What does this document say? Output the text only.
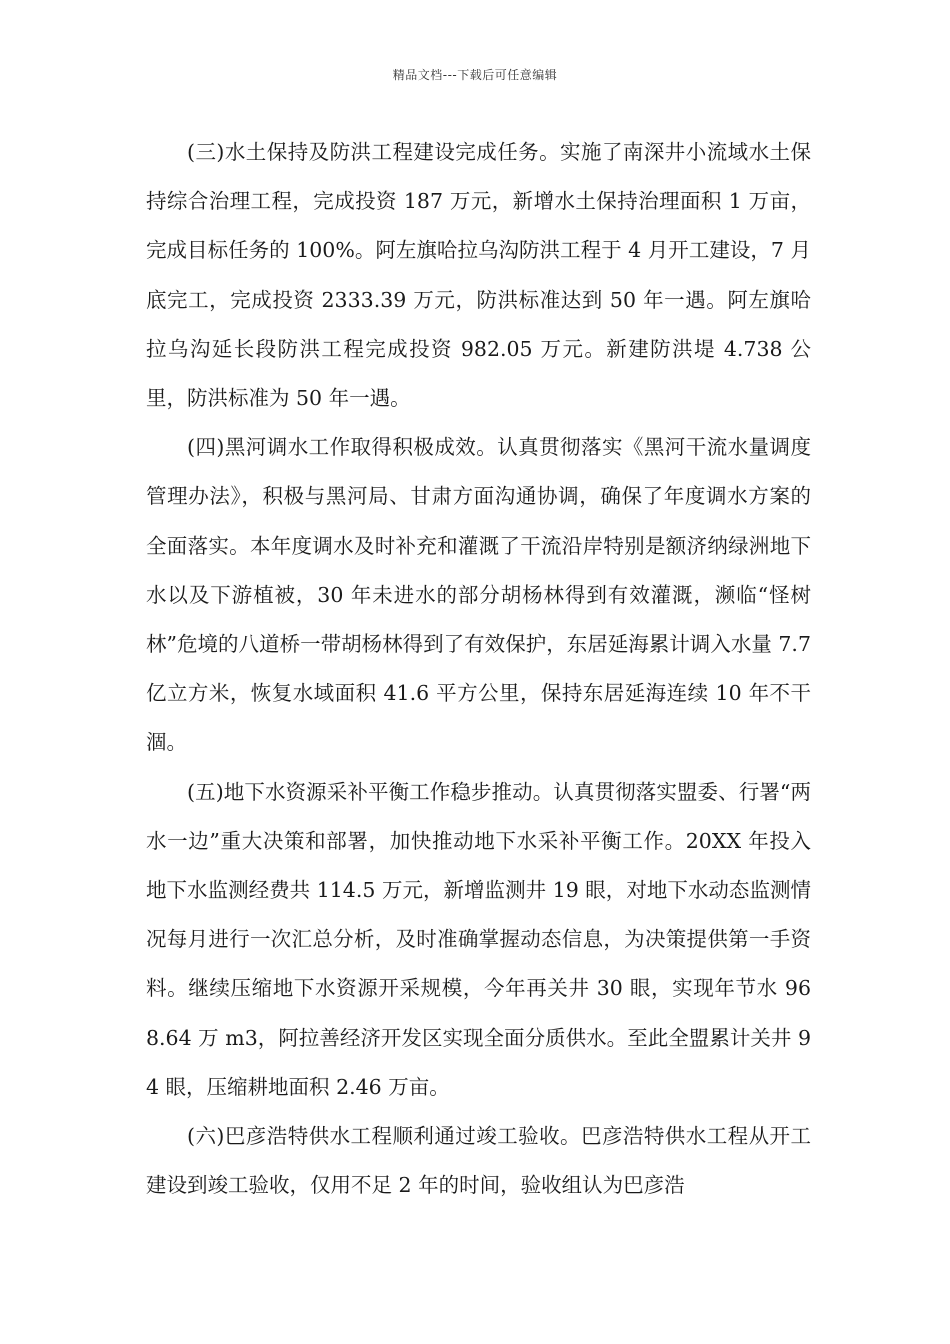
精品文档---下载后可任意编辑

(三)水土保持及防洪工程建设完成任务。实施了南深井小流域水土保持综合治理工程，完成投资 187 万元，新增水土保持治理面积 1 万亩，完成目标任务的 100%。阿左旗哈拉乌沟防洪工程于 4 月开工建设，7 月底完工，完成投资 2333.39 万元，防洪标准达到 50 年一遇。阿左旗哈拉乌沟延长段防洪工程完成投资 982.05 万元。新建防洪堤 4.738 公里，防洪标准为 50 年一遇。

(四)黑河调水工作取得积极成效。认真贯彻落实《黑河干流水量调度管理办法》，积极与黑河局、甘肃方面沟通协调，确保了年度调水方案的全面落实。本年度调水及时补充和灌溉了干流沿岸特别是额济纳绿洲地下水以及下游植被，30 年未进水的部分胡杨林得到有效灌溉，濒临“怪树林”危境的八道桥一带胡杨林得到了有效保护，东居延海累计调入水量 7.7 亿立方米，恢复水域面积 41.6 平方公里，保持东居延海连续 10 年不干涸。

(五)地下水资源采补平衡工作稳步推动。认真贯彻落实盟委、行署“两水一边”重大决策和部署，加快推动地下水采补平衡工作。20XX 年投入地下水监测经费共 114.5 万元，新增监测井 19 眼，对地下水动态监测情况每月进行一次汇总分析，及时准确掌握动态信息，为决策提供第一手资料。继续压缩地下水资源开采规模，今年再关井 30 眼，实现年节水 968.64 万 m3，阿拉善经济开发区实现全面分质供水。至此全盟累计关井 94 眼，压缩耕地面积 2.46 万亩。

(六)巴彦浩特供水工程顺利通过竣工验收。巴彦浩特供水工程从开工建设到竣工验收，仅用不足 2 年的时间，验收组认为巴彦浩
